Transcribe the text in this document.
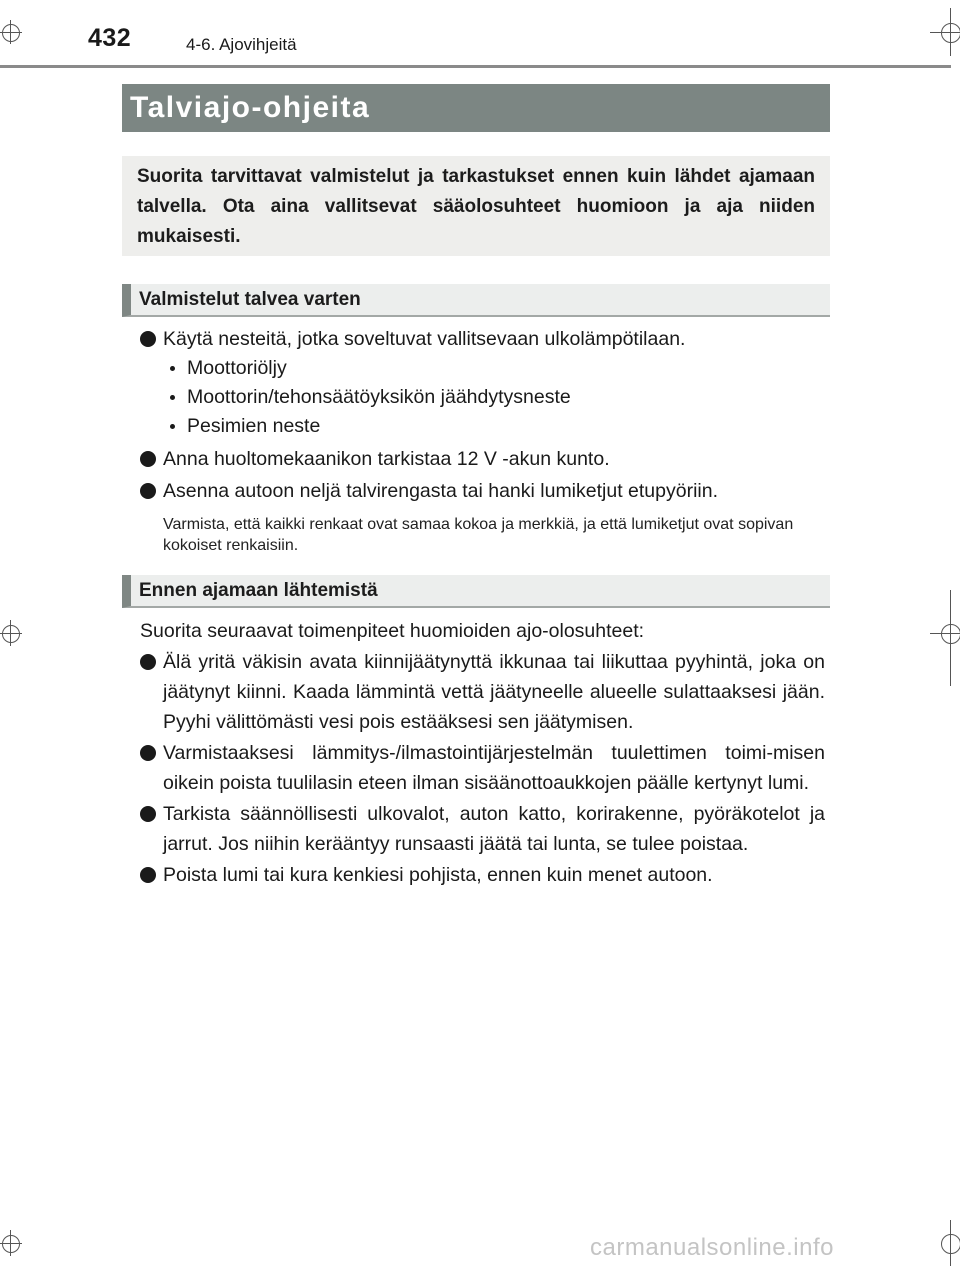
432	4-6. Ajovihjeitä
Talviajo-ohjeita
Suorita tarvittavat valmistelut ja tarkastukset ennen kuin lähdet ajamaan talvella. Ota aina vallitsevat sääolosuhteet huomioon ja aja niiden mukaisesti.
Valmistelut talvea varten
Käytä nesteitä, jotka soveltuvat vallitsevaan ulkolämpötilaan.
Moottoriöljy
Moottorin/tehonsäätöyksikön jäähdytysneste
Pesimien neste
Anna huoltomekaanikon tarkistaa 12 V -akun kunto.
Asenna autoon neljä talvirengasta tai hanki lumiketjut etupyöriin.
Varmista, että kaikki renkaat ovat samaa kokoa ja merkkiä, ja että lumiketjut ovat sopivan kokoiset renkaisiin.
Ennen ajamaan lähtemistä
Suorita seuraavat toimenpiteet huomioiden ajo-olosuhteet:
Älä yritä väkisin avata kiinnijäätynyttä ikkunaa tai liikuttaa pyyhintä, joka on jäätynyt kiinni. Kaada lämmintä vettä jäätyneelle alueelle sulattaaksesi jään. Pyyhi välittömästi vesi pois estääksesi sen jäätymisen.
Varmistaaksesi lämmitys-/ilmastointijärjestelmän tuulettimen toimi-misen oikein poista tuulilasin eteen ilman sisäänottoaukkojen päälle kertynyt lumi.
Tarkista säännöllisesti ulkovalot, auton katto, korirakenne, pyöräkotelot ja jarrut. Jos niihin kerääntyy runsaasti jäätä tai lunta, se tulee poistaa.
Poista lumi tai kura kenkiesi pohjista, ennen kuin menet autoon.
carmanualsonline.info
